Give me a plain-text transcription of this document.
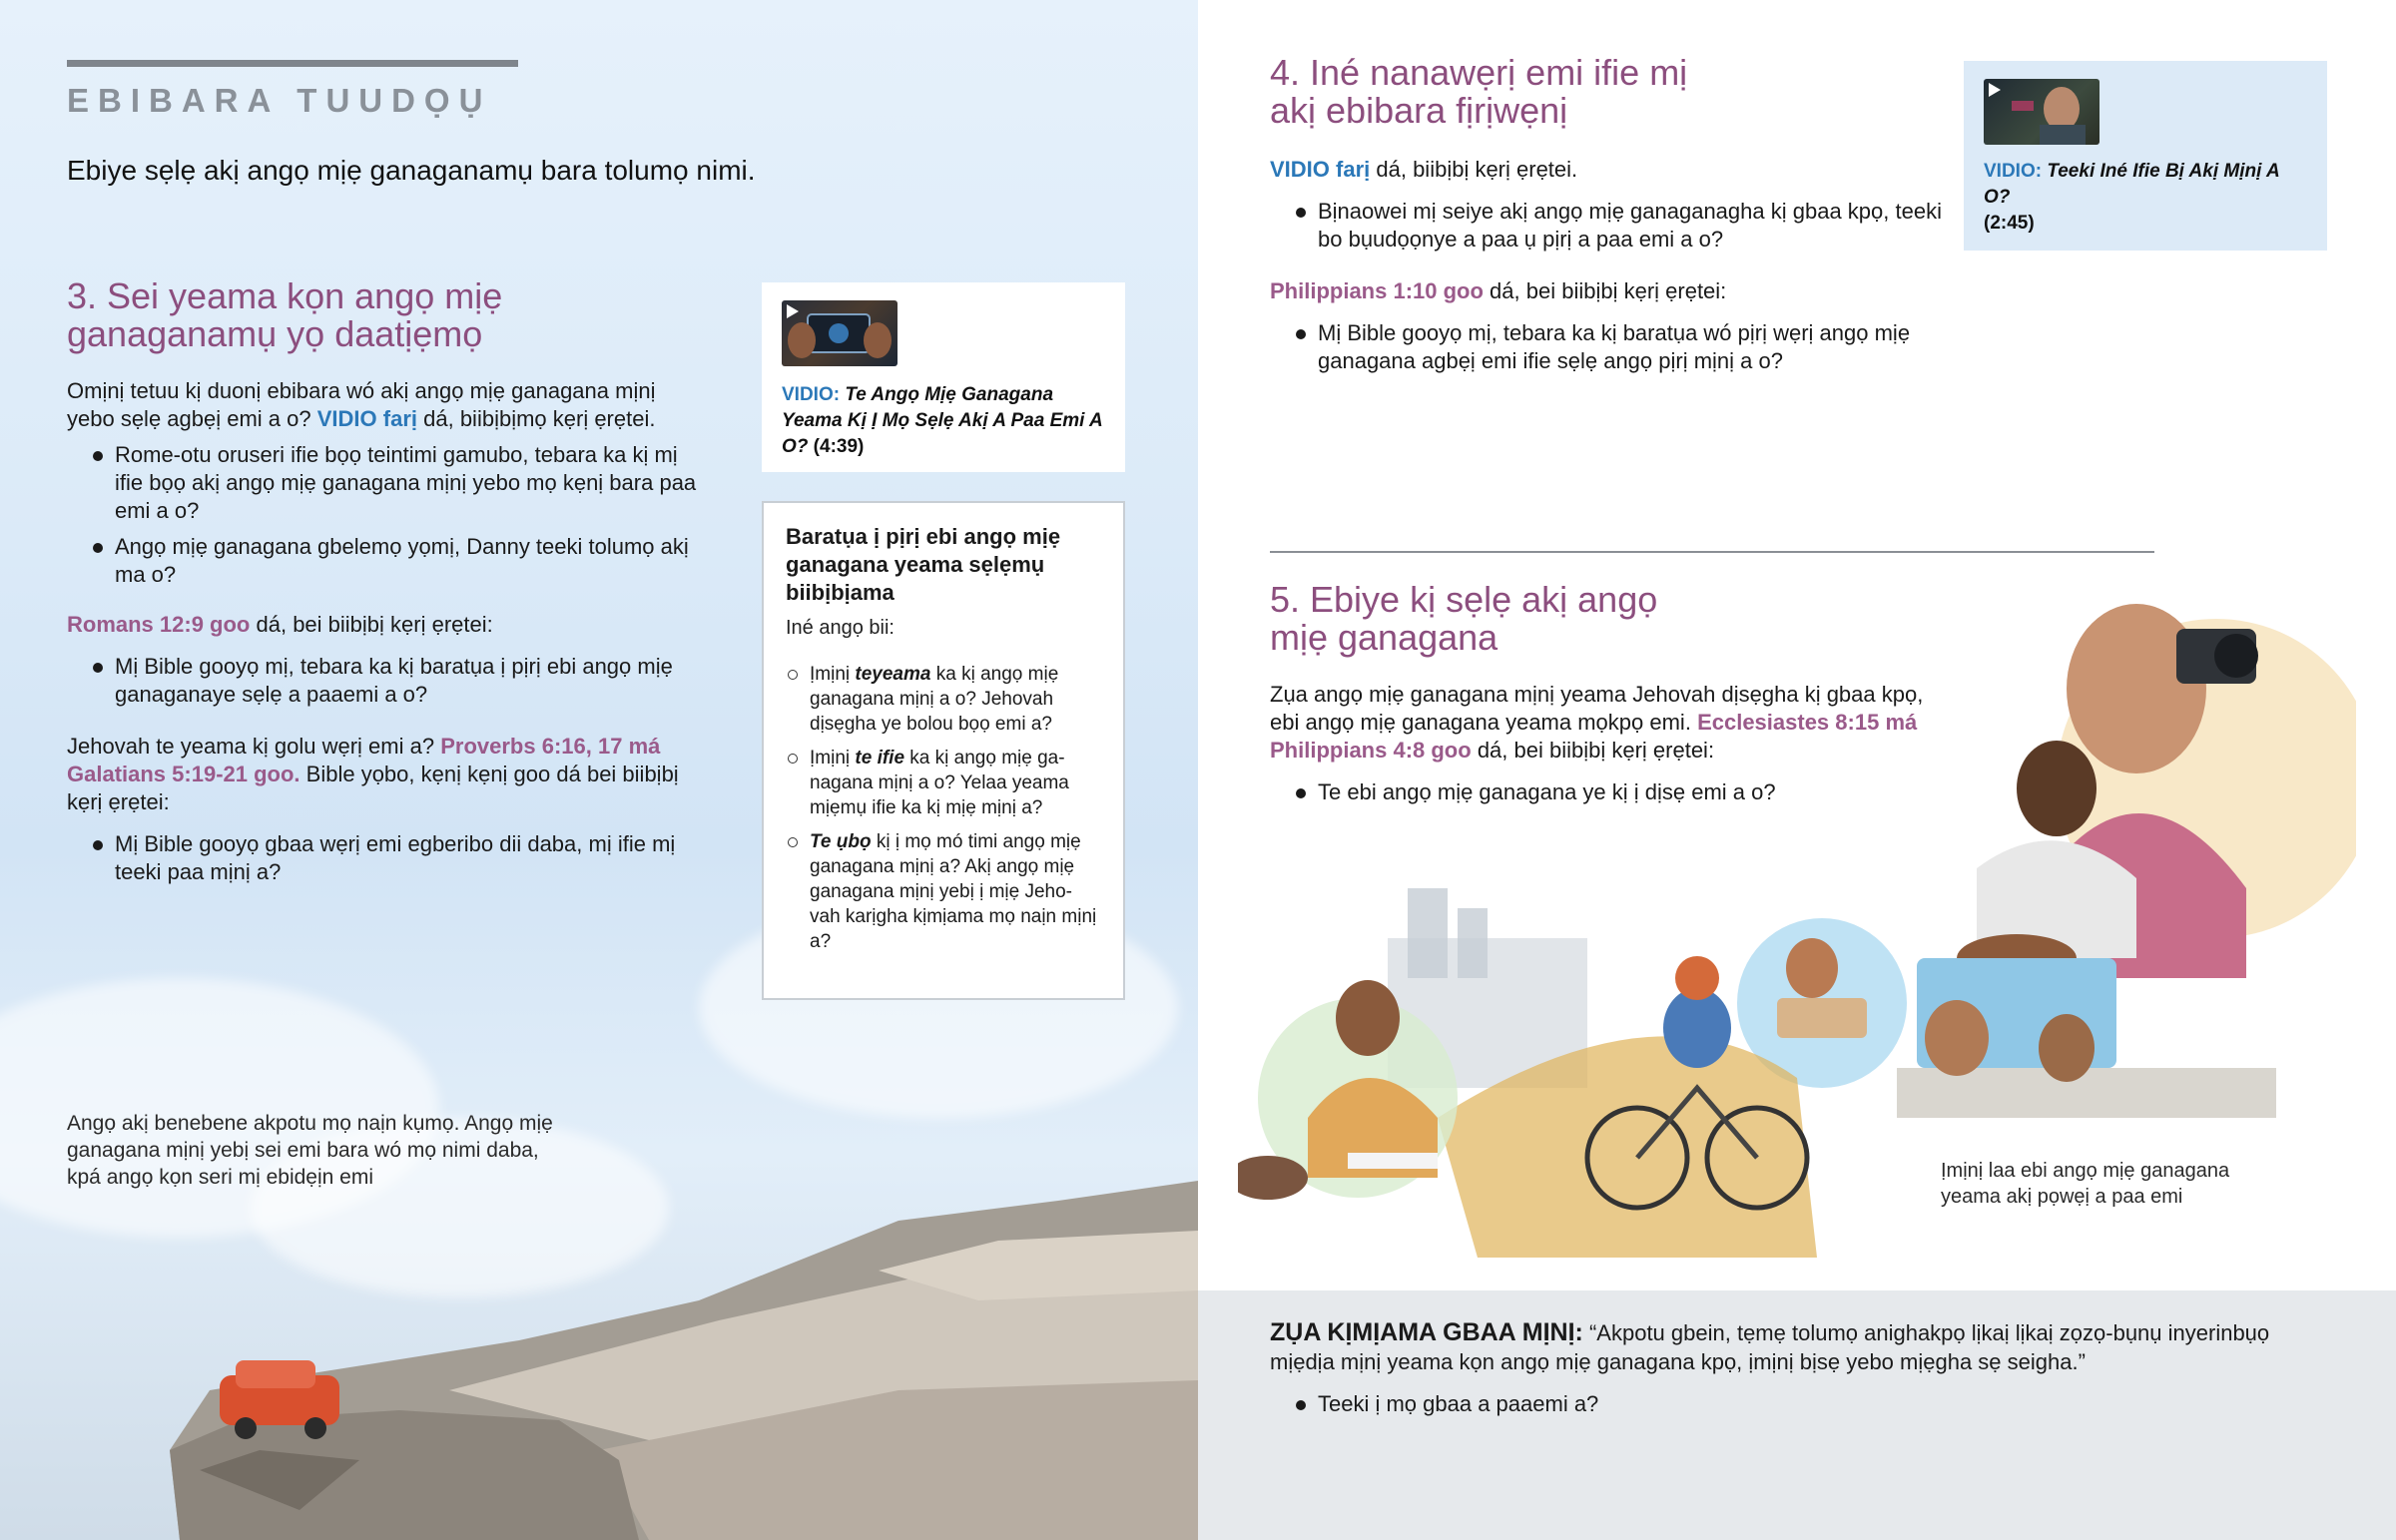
EBIBARA TUUDỌỤ
Ebiye sẹlẹ akị angọ mịẹ ganaganamụ bara tolumọ nimi.
3. Sei yeama kọn angọ mịẹ
ganaganamụ yọ daatịẹmọ
Omịnị tetuu kị duonị ebibara wó akị angọ mịẹ ganagana mịnị
yebo sẹlẹ agbẹị emi a o? VIDIO farị dá, biibịbịmọ kẹrị ẹrẹtei.
Rome-otu oruseri ifie bọọ teintimi gamubo, tebara ka kị mị ifie bọọ akị angọ mịẹ ganagana mịnị yebo mọ kẹnị bara paa emi a o?
Angọ mịẹ ganagana gbelemọ yọmị, Danny teeki tolumọ akị ma o?
Romans 12:9 goo dá, bei biibịbị kẹrị ẹrẹtei:
Mị Bible gooyọ mị, tebara ka kị baratụa ị pịrị ebi angọ mịẹ ganaganaye sẹlẹ a paaemi a o?
Jehovah te yeama kị golu wẹrị emi a? Proverbs 6:16, 17 má Galatians 5:19-21 goo. Bible yọbo, kẹnị kẹnị goo dá bei biibịbị kẹrị ẹrẹtei:
Mị Bible gooyọ gbaa wẹrị emi egberibo dii daba, mị ifie mị teeki paa mịnị a?
VIDIO: Te Angọ Mịẹ Ganagana Yeama Kị Ị Mọ Sẹlẹ Akị A Paa Emi A O? (4:39)
Baratụa ị pịrị ebi angọ mịẹ ganagana yeama sẹlẹmụ biibịbịama
Iné angọ bii:
Ịmịnị teyeama ka kị angọ mịẹ ganagana mịnị a o? Jehovah dịsẹgha ye bolou bọọ emi a?
Ịmịnị te ifie ka kị angọ mịẹ ga-nagana mịnị a o? Yelaa yeama mịẹmụ ifie ka kị mịẹ mịnị a?
Te ụbọ kị ị mọ mó timi angọ mịẹ ganagana mịnị a? Akị angọ mịẹ ganagana mịnị yebị ị mịẹ Jeho-vah karịgha kịmịama mọ naịn mịnị a?
Angọ akị benebene akpotu mọ naịn kụmọ. Angọ mịẹ ganagana mịnị yebị sei emi bara wó mọ nimi daba, kpá angọ kọn seri mị ebidẹịn emi
4. Iné nanawẹrị emi ifie mị
akị ebibara fịrịwẹnị
VIDIO farị dá, biibịbị kẹrị ẹrẹtei.
Bịnaowei mị seiye akị angọ mịẹ ganaganagha kị gbaa kpọ, teeki bo bụudọọnye a paa ụ pịrị a paa emi a o?
Philippians 1:10 goo dá, bei biibịbị kẹrị ẹrẹtei:
Mị Bible gooyọ mị, tebara ka kị baratụa wó pịrị wẹrị angọ mịẹ ganagana agbẹị emi ifie sẹlẹ angọ pịrị mịnị a o?
VIDIO: Teeki Iné Ifie Bị Akị Mịnị A O?
(2:45)
5. Ebiye kị sẹlẹ akị angọ
mịẹ ganagana
Zụa angọ mịẹ ganagana mịnị yeama Jehovah dịsẹgha kị gbaa kpọ, ebi angọ mịẹ ganagana yeama mọkpọ emi. Ecclesiastes 8:15 má Philippians 4:8 goo dá, bei biibịbị kẹrị ẹrẹtei:
Te ebi angọ mịẹ ganagana ye kị ị dịsẹ emi a o?
Ịmịnị laa ebi angọ mịẹ ganagana yeama akị pọwẹị a paa emi
ZỤA KỊMỊAMA GBAA MỊNỊ: “Akpotu gbein, tẹmẹ tolumọ anighakpọ lịkaị lịkaị zọzọ-bụnụ inyerinbụọ mịẹdịa mịnị yeama kọn angọ mịẹ ganagana kpọ, ịmịnị bịsẹ yebo mịẹgha sẹ seigha.”
Teeki ị mọ gbaa a paaemi a?
